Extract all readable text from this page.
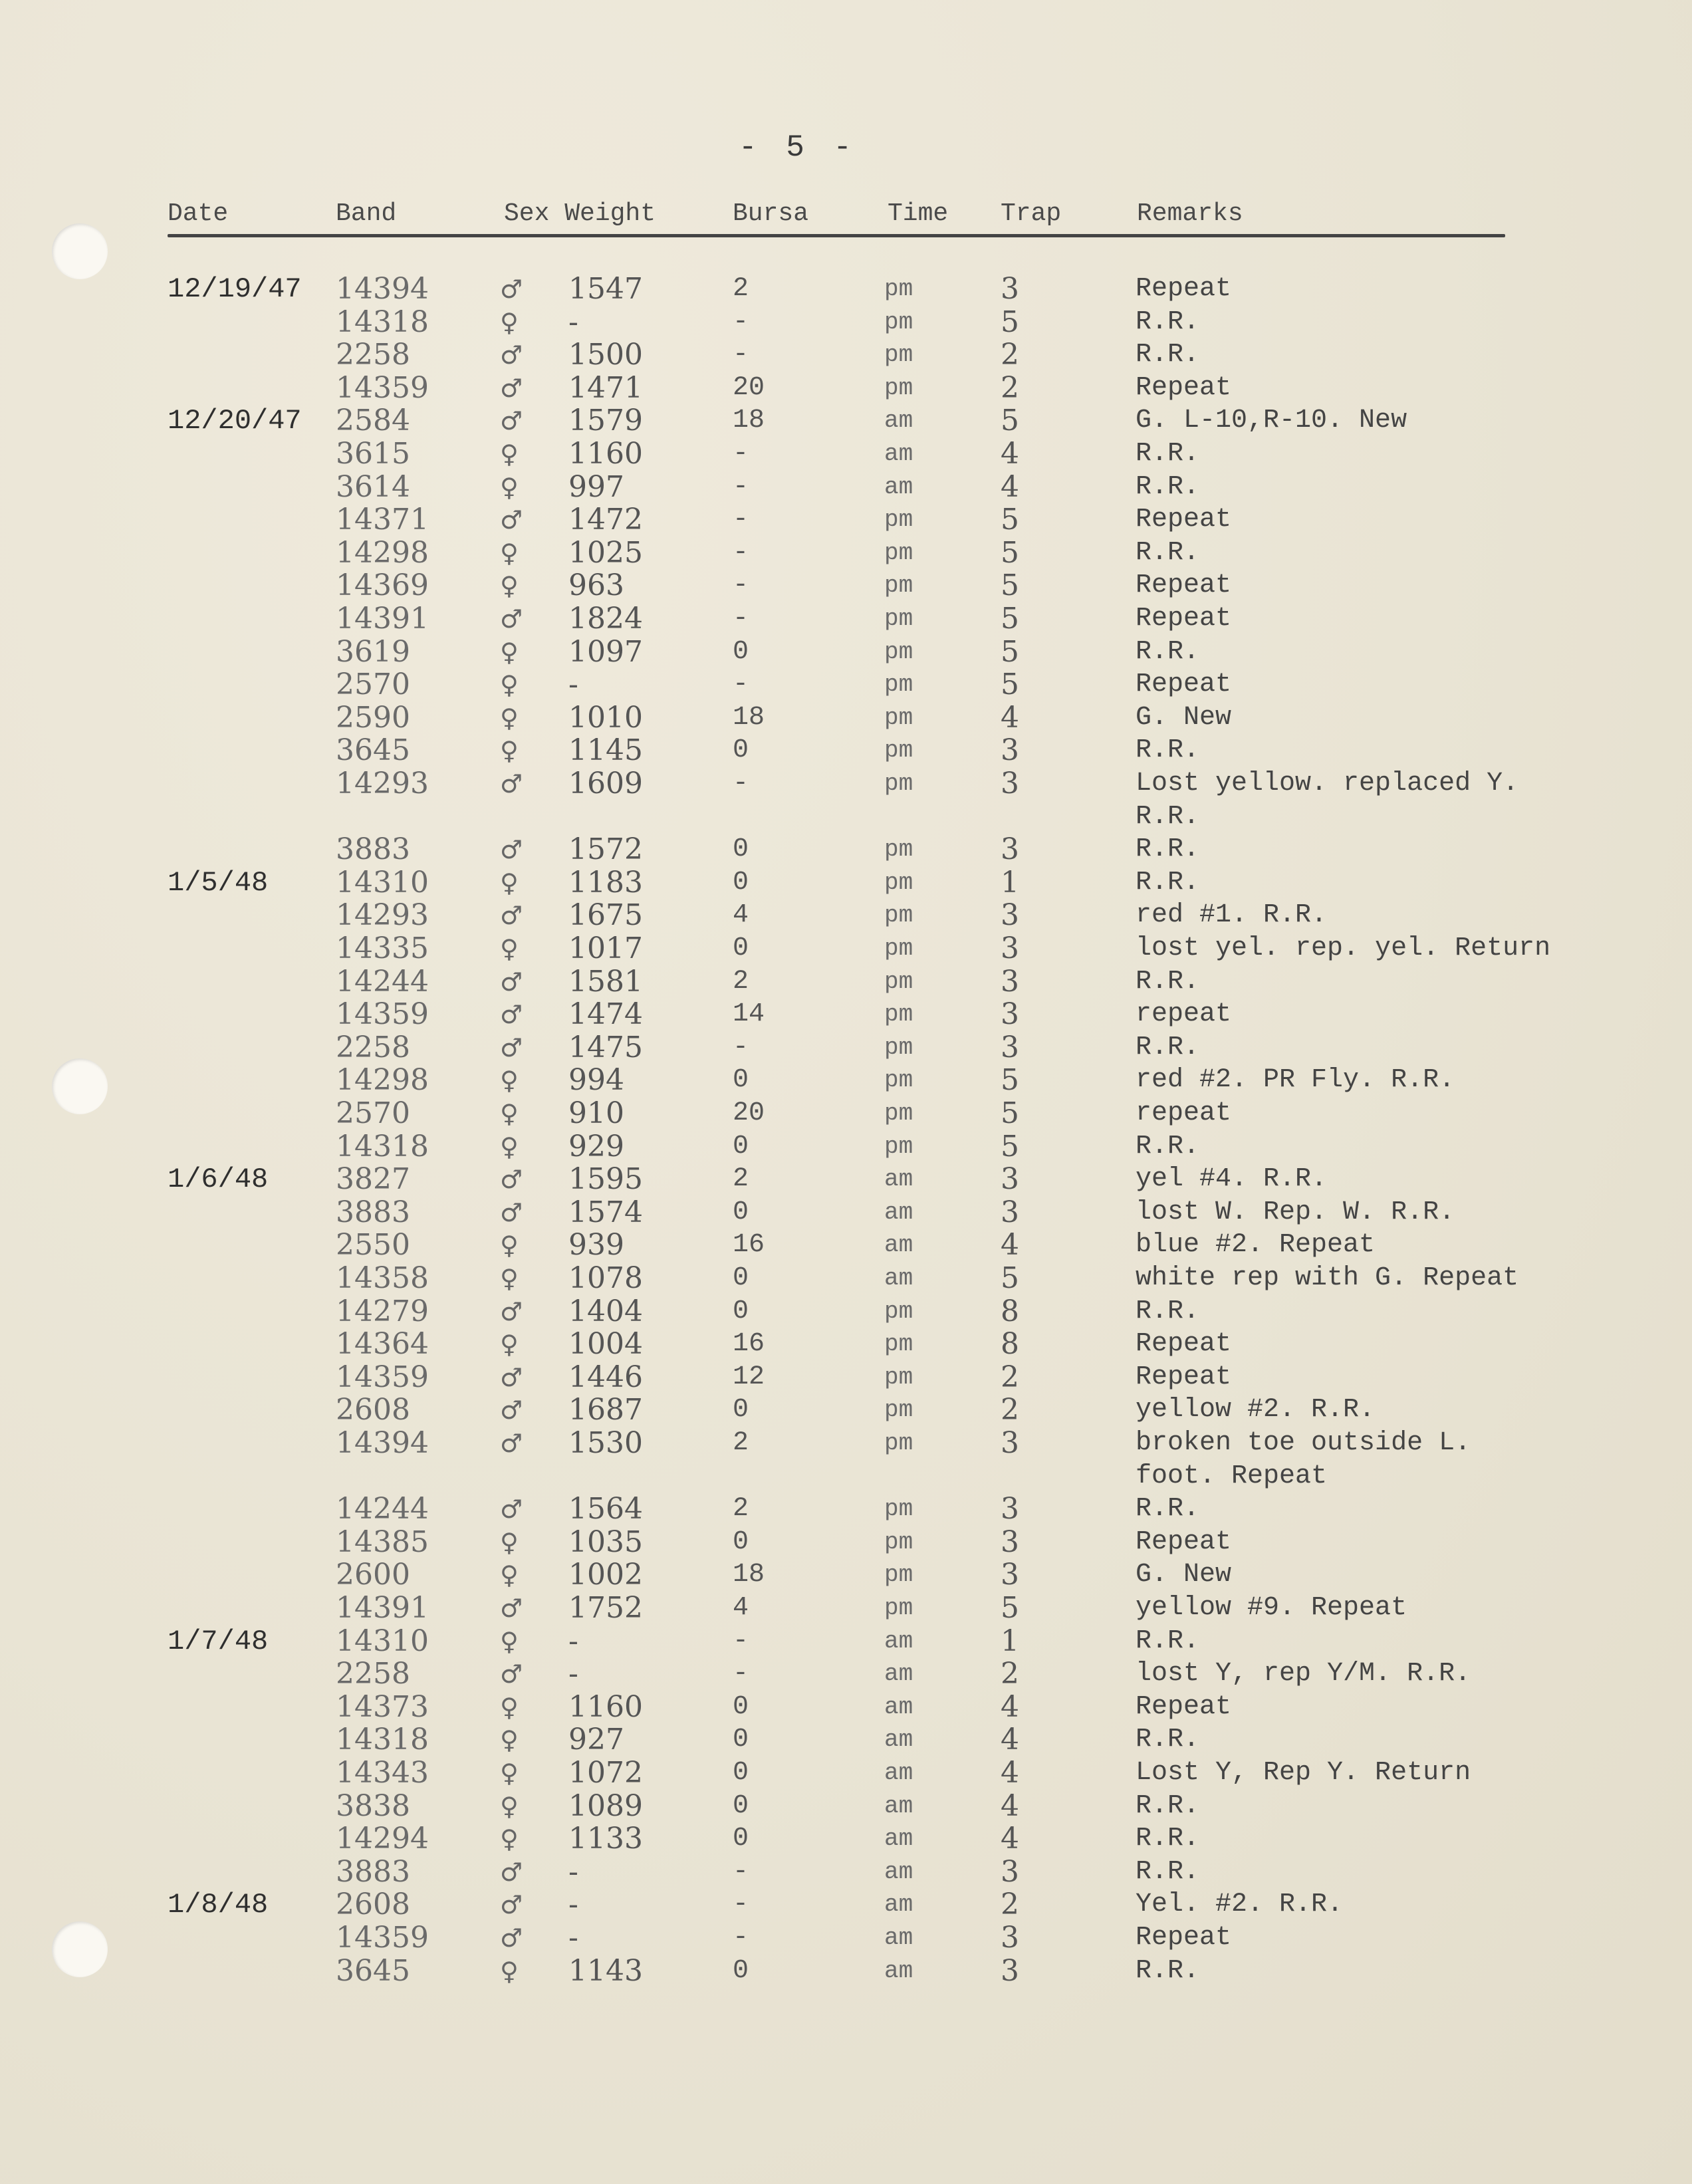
- 5 -
Date	Band	Sex Weight	Bursa	Time Trap	Remarks
12/19/47 14394	♂ 1547	2	pm	3	Repeat
14318	♀ -	-	pm	5	R.R.
2258	♂ 1500	-	pm	2	R.R.
14359	♂ 1471	20	pm	2	Repeat
12/20/47 2584	♂ 1579	18	am	5	G. L-10,R-10. New
3615	♀ 1160	-	am	4	R.R.
3614	♀ 997	-	am	4	R.R.
14371	♂ 1472	-	pm	5	Repeat
14298	♀ 1025	-	pm	5	R.R.
14369	♀ 963	-	pm	5	Repeat
14391	♂ 1824	-	pm	5	Repeat
3619	♀ 1097	0	pm	5	R.R.
2570	♀ -	-	pm	5	Repeat
2590	♀ 1010	18	pm	4	G. New
3645	♀ 1145	0	pm	3	R.R.
14293	♂ 1609	-	pm	3	Lost yellow. replaced Y.
R.R.
3883	♂ 1572	0	pm	3	R.R.
1/5/48 14310	♀ 1183	0	pm	1	R.R.
14293	♂ 1675	4	pm	3	red #1. R.R.
14335	♀ 1017	0	pm	3	lost yel. rep. yel. Return
14244	♂ 1581	2	pm	3	R.R.
14359	♂ 1474	14	pm	3	repeat
2258	♂ 1475	-	pm	3	R.R.
14298	♀ 994	0	pm	5	red #2. PR Fly. R.R.
2570	♀ 910	20	pm	5	repeat
14318	♀ 929	0	pm	5	R.R.
1/6/48 3827	♂ 1595	2	am	3	yel #4. R.R.
3883	♂ 1574	0	am	3	lost W. Rep. W. R.R.
2550	♀ 939	16	am	4	blue #2. Repeat
14358	♀ 1078	0	am	5	white rep with G. Repeat
14279	♂ 1404	0	pm	8	R.R.
14364	♀ 1004	16	pm	8	Repeat
14359	♂ 1446	12	pm	2	Repeat
2608	♂ 1687	0	pm	2	yellow #2. R.R.
14394	♂ 1530	2	pm	3	broken toe outside L.
foot. Repeat
14244	♂ 1564	2	pm	3	R.R.
14385	♀ 1035	0	pm	3	Repeat
2600	♀ 1002	18	pm	3	G. New
14391	♂ 1752	4	pm	5	yellow #9. Repeat
1/7/48 14310	♀ -	-	am	1	R.R.
2258	♂ -	-	am	2	lost Y, rep Y/M. R.R.
14373	♀ 1160	0	am	4	Repeat
14318	♀ 927	0	am	4	R.R.
14343	♀ 1072	0	am	4	Lost Y, Rep Y. Return
3838	♀ 1089	0	am	4	R.R.
14294	♀ 1133	0	am	4	R.R.
3883	♂ -	-	am	3	R.R.
1/8/48 2608	♂ -	-	am	2	Yel. #2. R.R.
14359	♂ -	-	am	3	Repeat
3645	♀ 1143	0	am	3	R.R.
